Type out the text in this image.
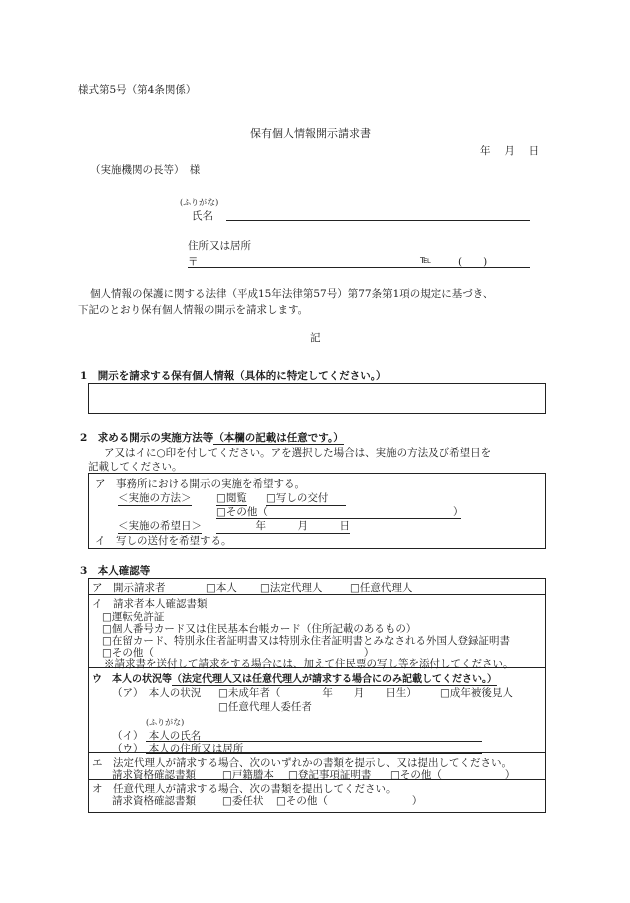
様式第5号（第4条関係）
保有個人情報開示請求書
年　 月　 日
（実施機関の長等）　様
(ふりがな)
氏名
住所又は居所
〒	℡	(　　)
個人情報の保護に関する法律（平成15年法律第57号）第77条第1項の規定に基づき、
下記のとおり保有個人情報の開示を請求します。
記
1　開示を請求する保有個人情報（具体的に特定してください。）
2　求める開示の実施方法等（本欄の記載は任意です。）
ア又はイに○印を付してください。アを選択した場合は、実施の方法及び希望日を
記載してください。
ア　事務所における開示の実施を希望する。
＜実施の方法＞ □閲覧 □写しの交付
□その他（	）
＜実施の希望日＞	年　　　月　　　日
イ　写しの送付を希望する。
3　本人確認等
ア　開示請求者	□本人 □法定代理人	□任意代理人
イ　請求者本人確認書類
□運転免許証
□個人番号カード又は住民基本台帳カード（住所記載のあるもの）
□在留カード、特別永住者証明書又は特別永住者証明書とみなされる外国人登録証明書
□その他（　　　　　　　　　　　　　　　　　　　　）
※請求書を送付して請求をする場合には、加えて住民票の写し等を添付してください。
ウ　本人の状況等（法定代理人又は任意代理人が請求する場合にのみ記載してください。）
（ア）　本人の状況 □未成年者（　　　　年　　月　　日生） □成年被後見人
□任意代理人委任者
(ふりがな)
（イ）　本人の氏名
（ウ）　本人の住所又は居所
エ　法定代理人が請求する場合、次のいずれかの書類を提示し、又は提出してください。
請求資格確認書類 □戸籍謄本 □登記事項証明書 □その他（　　　　　　）
オ　任意代理人が請求する場合、次の書類を提出してください。
請求資格確認書類 □委任状 □その他（　　　　　　　　）
